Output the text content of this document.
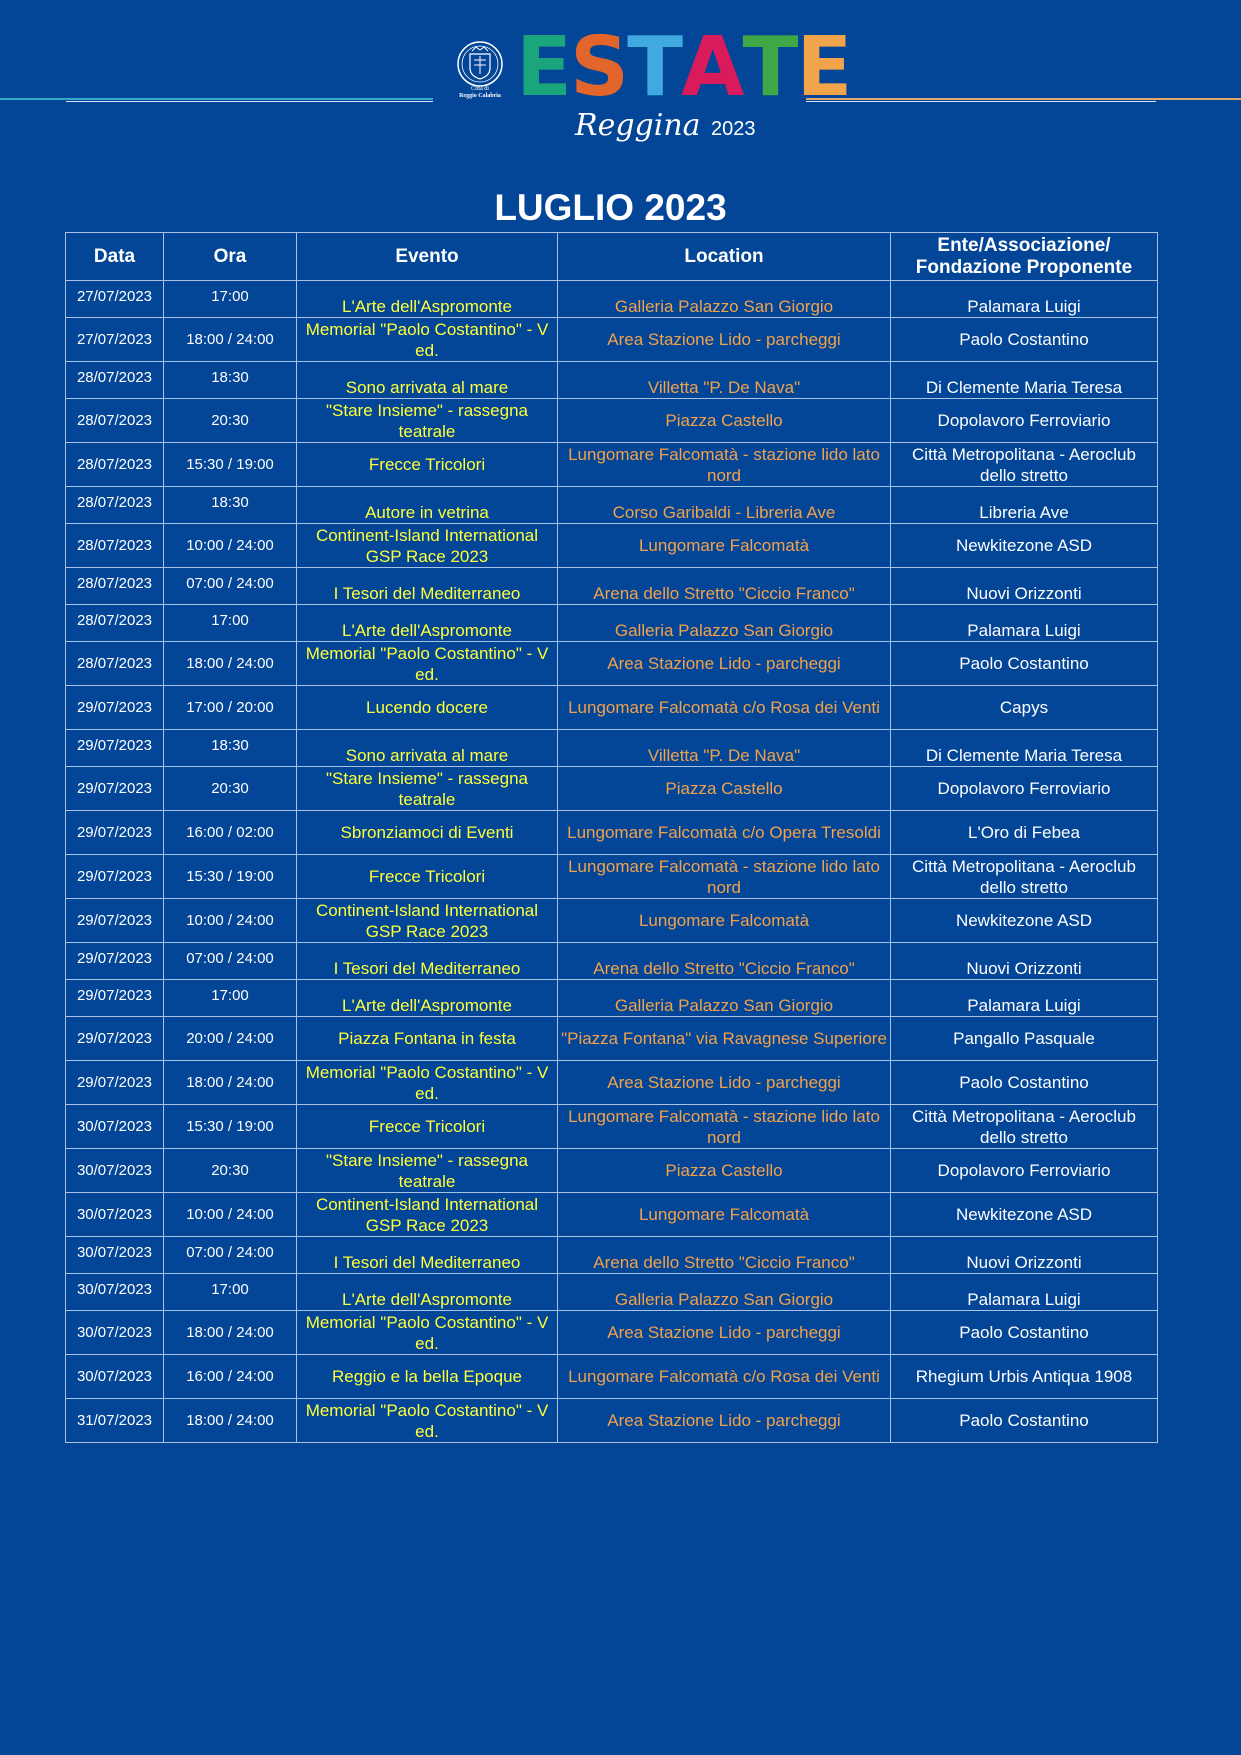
Città di
Reggio Calabria ESTATE
Reggina 2023
LUGLIO 2023
Data	Ora	Evento	Location	Ente/Associazione/ Fondazione Proponente
27/07/2023	17:00	L'Arte dell'Aspromonte	Galleria Palazzo San Giorgio	Palamara Luigi
27/07/2023	18:00 / 24:00	Memorial "Paolo Costantino" - V ed.	Area Stazione Lido - parcheggi	Paolo Costantino
28/07/2023	18:30	Sono arrivata al mare	Villetta "P. De Nava"	Di Clemente Maria Teresa
28/07/2023	20:30	"Stare Insieme" - rassegna teatrale	Piazza Castello	Dopolavoro Ferroviario
28/07/2023	15:30 / 19:00	Frecce Tricolori	Lungomare Falcomatà - stazione lido lato nord	Città Metropolitana - Aeroclub dello stretto
28/07/2023	18:30	Autore in vetrina	Corso Garibaldi - Libreria Ave	Libreria Ave
28/07/2023	10:00 / 24:00	Continent-Island International GSP Race 2023	Lungomare Falcomatà	Newkitezone ASD
28/07/2023	07:00 / 24:00	I Tesori del Mediterraneo	Arena dello Stretto "Ciccio Franco"	Nuovi Orizzonti
28/07/2023	17:00	L'Arte dell'Aspromonte	Galleria Palazzo San Giorgio	Palamara Luigi
28/07/2023	18:00 / 24:00	Memorial "Paolo Costantino" - V ed.	Area Stazione Lido - parcheggi	Paolo Costantino
29/07/2023	17:00 / 20:00	Lucendo docere	Lungomare Falcomatà c/o Rosa dei Venti	Capys
29/07/2023	18:30	Sono arrivata al mare	Villetta "P. De Nava"	Di Clemente Maria Teresa
29/07/2023	20:30	"Stare Insieme" - rassegna teatrale	Piazza Castello	Dopolavoro Ferroviario
29/07/2023	16:00 / 02:00	Sbronziamoci di Eventi	Lungomare Falcomatà c/o Opera Tresoldi	L'Oro di Febea
29/07/2023	15:30 / 19:00	Frecce Tricolori	Lungomare Falcomatà - stazione lido lato nord	Città Metropolitana - Aeroclub dello stretto
29/07/2023	10:00 / 24:00	Continent-Island International GSP Race 2023	Lungomare Falcomatà	Newkitezone ASD
29/07/2023	07:00 / 24:00	I Tesori del Mediterraneo	Arena dello Stretto "Ciccio Franco"	Nuovi Orizzonti
29/07/2023	17:00	L'Arte dell'Aspromonte	Galleria Palazzo San Giorgio	Palamara Luigi
29/07/2023	20:00 / 24:00	Piazza Fontana in festa	"Piazza Fontana" via Ravagnese Superiore	Pangallo Pasquale
29/07/2023	18:00 / 24:00	Memorial "Paolo Costantino" - V ed.	Area Stazione Lido - parcheggi	Paolo Costantino
30/07/2023	15:30 / 19:00	Frecce Tricolori	Lungomare Falcomatà - stazione lido lato nord	Città Metropolitana - Aeroclub dello stretto
30/07/2023	20:30	"Stare Insieme" - rassegna teatrale	Piazza Castello	Dopolavoro Ferroviario
30/07/2023	10:00 / 24:00	Continent-Island International GSP Race 2023	Lungomare Falcomatà	Newkitezone ASD
30/07/2023	07:00 / 24:00	I Tesori del Mediterraneo	Arena dello Stretto "Ciccio Franco"	Nuovi Orizzonti
30/07/2023	17:00	L'Arte dell'Aspromonte	Galleria Palazzo San Giorgio	Palamara Luigi
30/07/2023	18:00 / 24:00	Memorial "Paolo Costantino" - V ed.	Area Stazione Lido - parcheggi	Paolo Costantino
30/07/2023	16:00 / 24:00	Reggio e la bella Epoque	Lungomare Falcomatà c/o Rosa dei Venti	Rhegium Urbis Antiqua 1908
31/07/2023	18:00 / 24:00	Memorial "Paolo Costantino" - V ed.	Area Stazione Lido - parcheggi	Paolo Costantino
